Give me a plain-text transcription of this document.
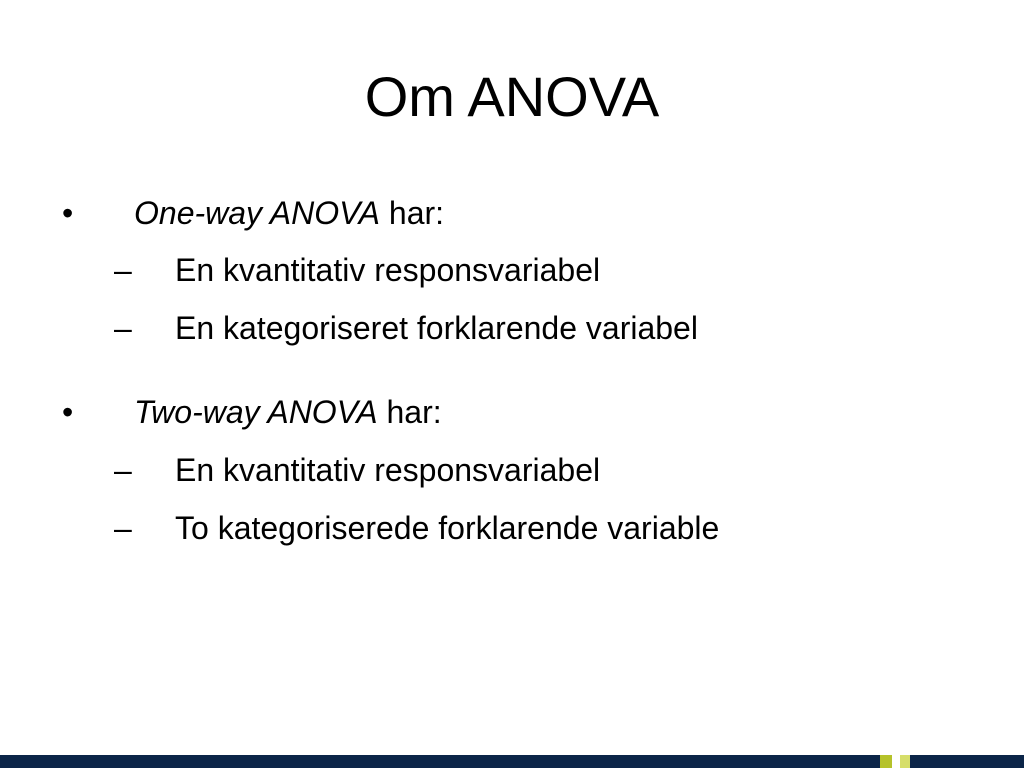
Om ANOVA
• One-way ANOVA har:
– En kvantitativ responsvariabel
– En kategoriseret forklarende variabel
• Two-way ANOVA har:
– En kvantitativ responsvariabel
– To kategoriserede forklarende variable
